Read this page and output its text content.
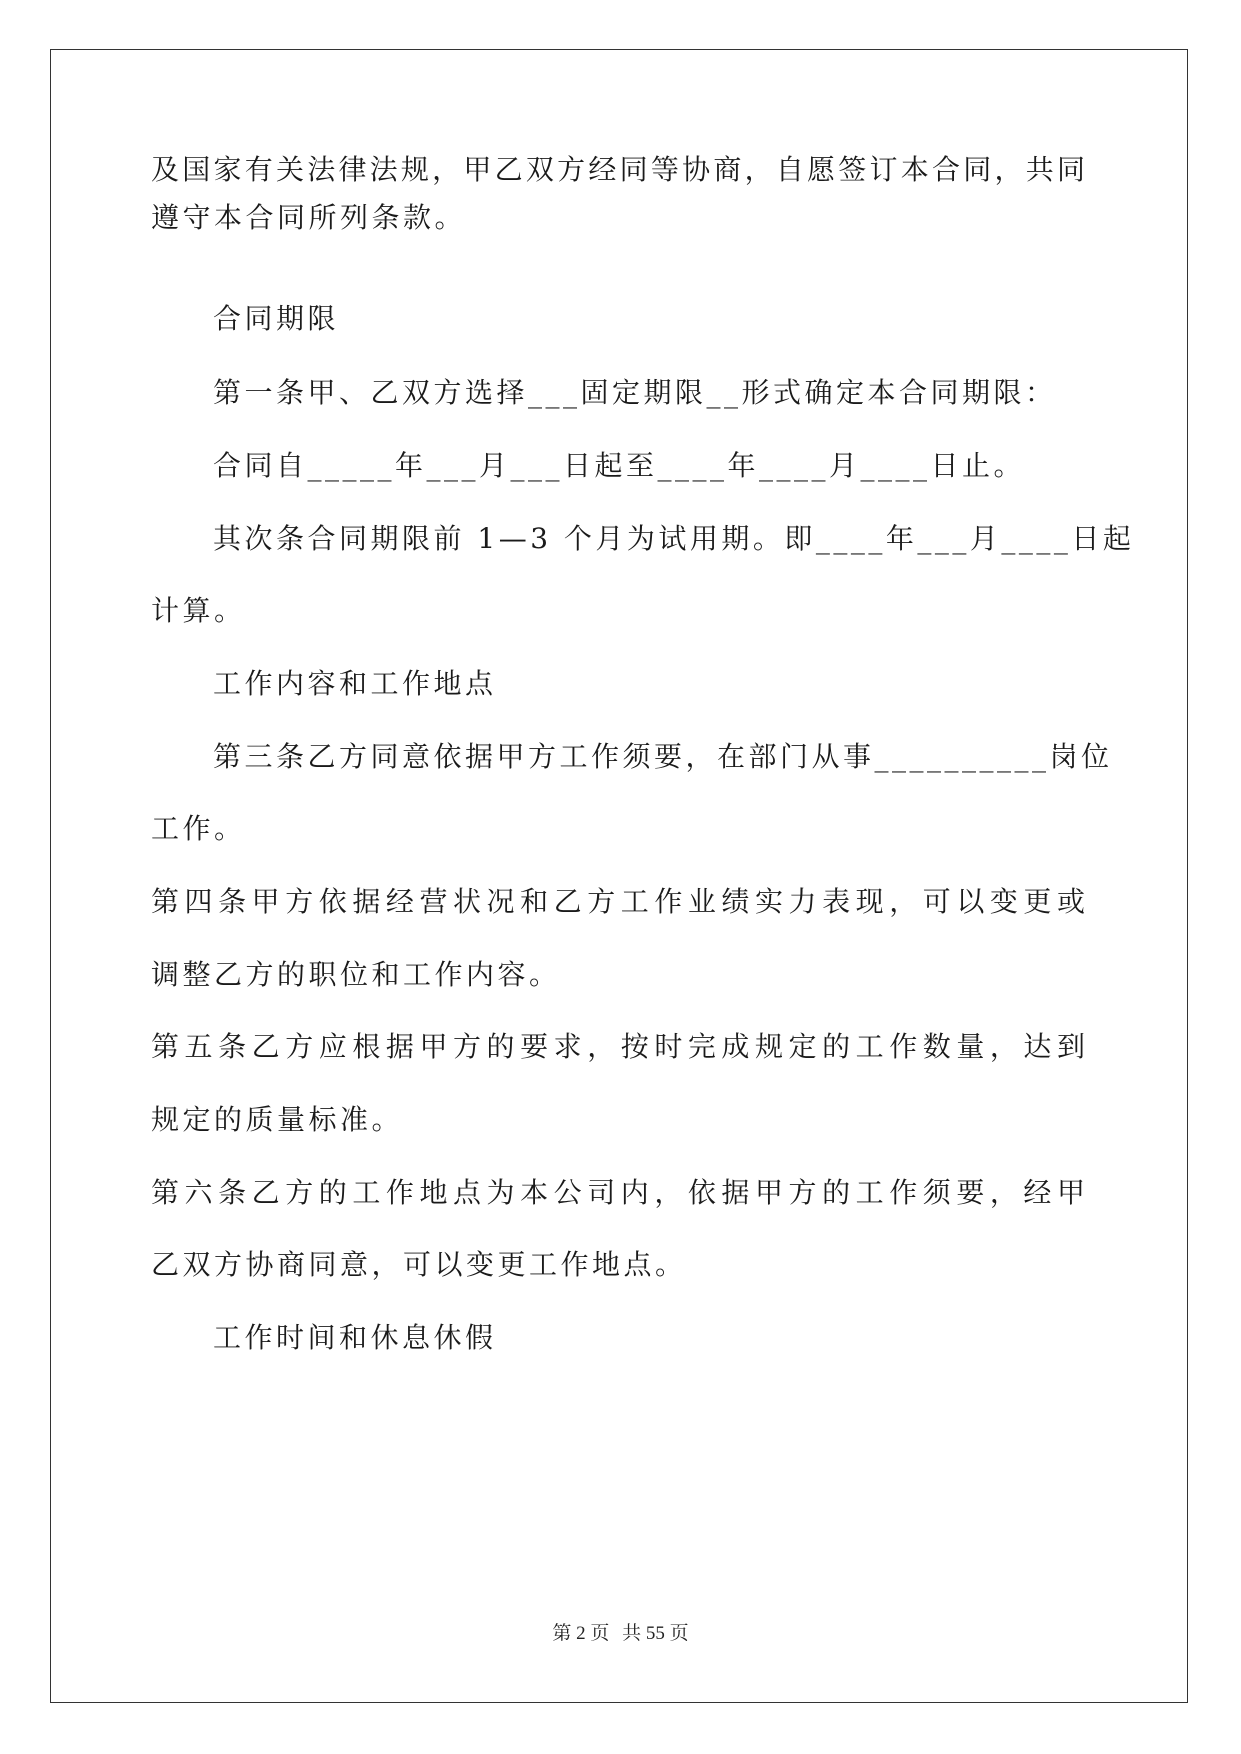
及国家有关法律法规，甲乙双方经同等协商，自愿签订本合同，共同
遵守本合同所列条款。
合同期限
第一条甲、乙双方选择___固定期限__形式确定本合同期限：
合同自_____年___月___日起至____年____月____日止。
其次条合同期限前 1—3 个月为试用期。即____年___月____日起
计算。
工作内容和工作地点
第三条乙方同意依据甲方工作须要，在部门从事__________岗位
工作。
第四条甲方依据经营状况和乙方工作业绩实力表现，可以变更或
调整乙方的职位和工作内容。
第五条乙方应根据甲方的要求，按时完成规定的工作数量，达到
规定的质量标准。
第六条乙方的工作地点为本公司内，依据甲方的工作须要，经甲
乙双方协商同意，可以变更工作地点。
工作时间和休息休假
第 2 页 共 55 页
